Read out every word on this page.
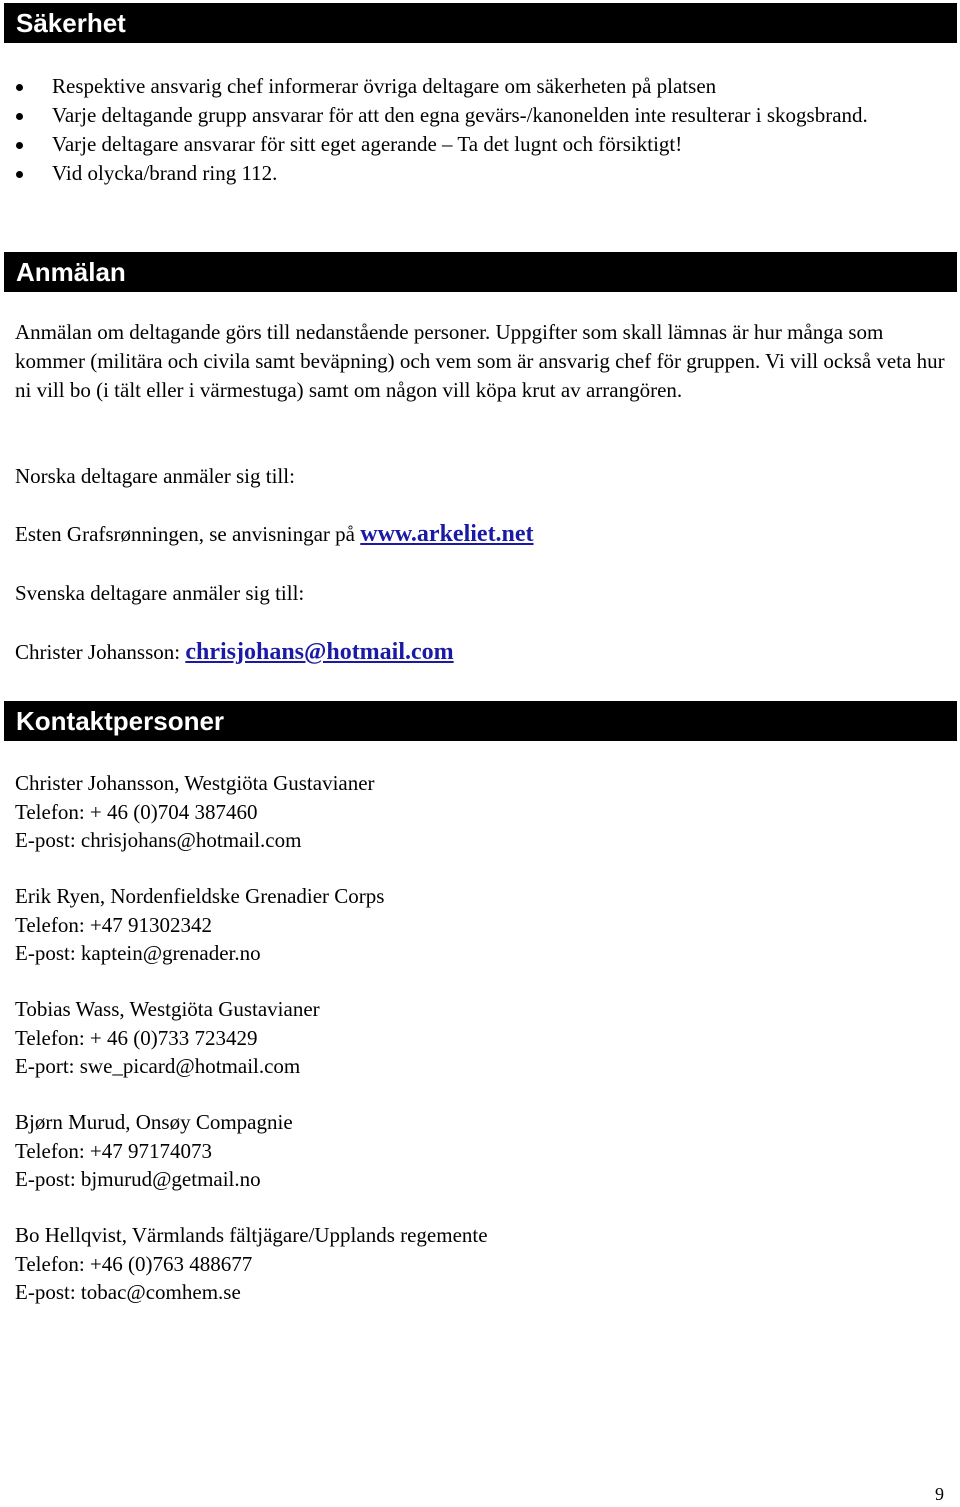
Säkerhet
Respektive ansvarig chef informerar övriga deltagare om säkerheten på platsen
Varje deltagande grupp ansvarar för att den egna gevärs-/kanonelden inte resulterar i skogsbrand.
Varje deltagare ansvarar för sitt eget agerande – Ta det lugnt och försiktigt!
Vid olycka/brand ring 112.
Anmälan
Anmälan om deltagande görs till nedanstående personer. Uppgifter som skall lämnas är hur många som kommer (militära och civila samt beväpning) och vem som är ansvarig chef för gruppen. Vi vill också veta hur ni vill bo (i tält eller i värmestuga) samt om någon vill köpa krut av arrangören.
Norska deltagare anmäler sig till:
Esten Grafsrønningen, se anvisningar på www.arkeliet.net
Svenska deltagare anmäler sig till:
Christer Johansson: chrisjohans@hotmail.com
Kontaktpersoner
Christer Johansson, Westgiöta Gustavianer
Telefon: + 46 (0)704 387460
E-post: chrisjohans@hotmail.com
Erik Ryen, Nordenfieldske Grenadier Corps
Telefon: +47 91302342
E-post: kaptein@grenader.no
Tobias Wass, Westgiöta Gustavianer
Telefon: + 46 (0)733 723429
E-port: swe_picard@hotmail.com
Bjørn Murud, Onsøy Compagnie
Telefon: +47 97174073
E-post: bjmurud@getmail.no
Bo Hellqvist, Värmlands fältjägare/Upplands regemente
Telefon: +46 (0)763 488677
E-post: tobac@comhem.se
9
